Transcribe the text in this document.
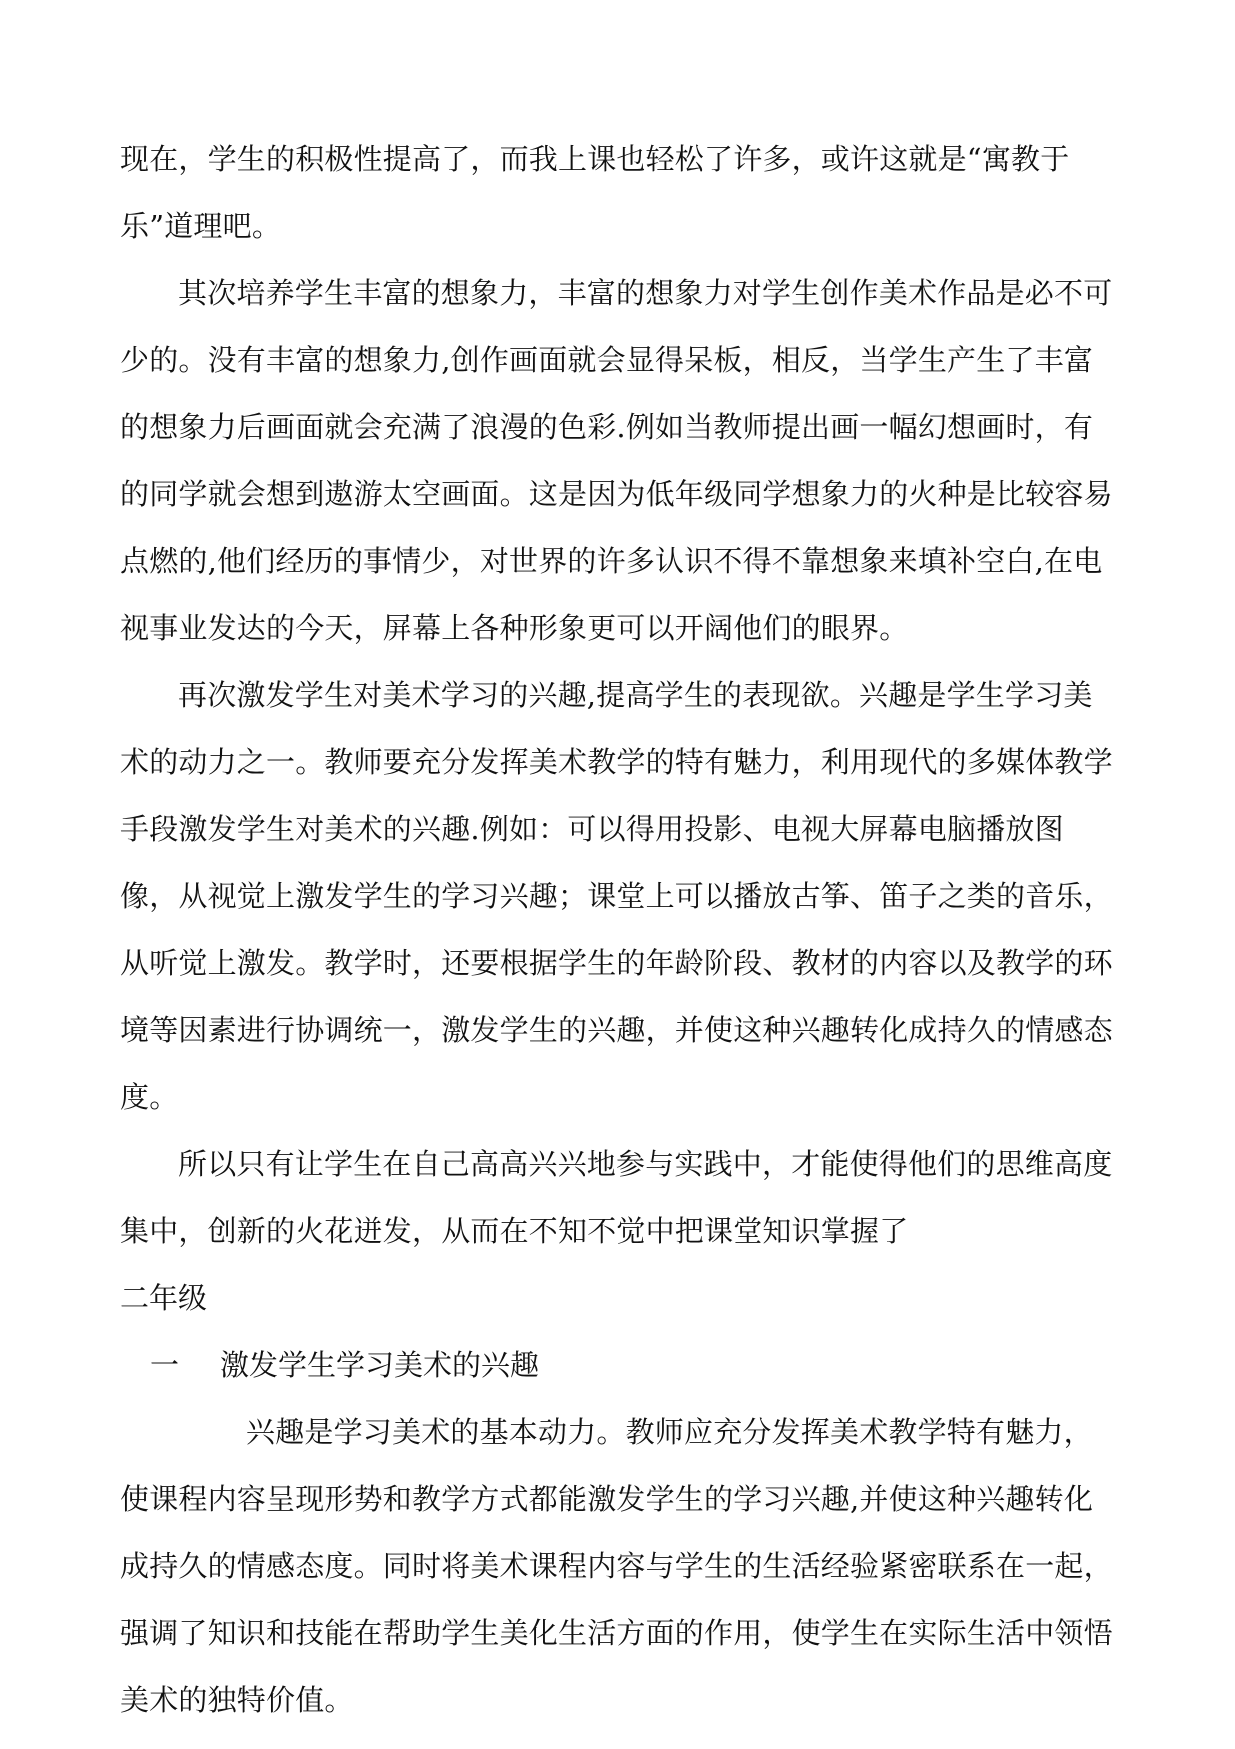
现在，学生的积极性提高了，而我上课也轻松了许多，或许这就是“寓教于乐”道理吧。

其次培养学生丰富的想象力，丰富的想象力对学生创作美术作品是必不可少的。没有丰富的想象力,创作画面就会显得呆板，相反，当学生产生了丰富的想象力后画面就会充满了浪漫的色彩.例如当教师提出画一幅幻想画时，有的同学就会想到遨游太空画面。这是因为低年级同学想象力的火种是比较容易点燃的,他们经历的事情少，对世界的许多认识不得不靠想象来填补空白,在电视事业发达的今天，屏幕上各种形象更可以开阔他们的眼界。

再次激发学生对美术学习的兴趣,提高学生的表现欲。兴趣是学生学习美术的动力之一。教师要充分发挥美术教学的特有魅力，利用现代的多媒体教学手段激发学生对美术的兴趣.例如：可以得用投影、电视大屏幕电脑播放图像，从视觉上激发学生的学习兴趣；课堂上可以播放古筝、笛子之类的音乐，从听觉上激发。教学时，还要根据学生的年龄阶段、教材的内容以及教学的环境等因素进行协调统一，激发学生的兴趣，并使这种兴趣转化成持久的情感态度。

所以只有让学生在自己高高兴兴地参与实践中，才能使得他们的思维高度集中，创新的火花迸发，从而在不知不觉中把课堂知识掌握了

二年级

一	激发学生学习美术的兴趣

兴趣是学习美术的基本动力。教师应充分发挥美术教学特有魅力，使课程内容呈现形势和教学方式都能激发学生的学习兴趣,并使这种兴趣转化成持久的情感态度。同时将美术课程内容与学生的生活经验紧密联系在一起，强调了知识和技能在帮助学生美化生活方面的作用，使学生在实际生活中领悟美术的独特价值。
